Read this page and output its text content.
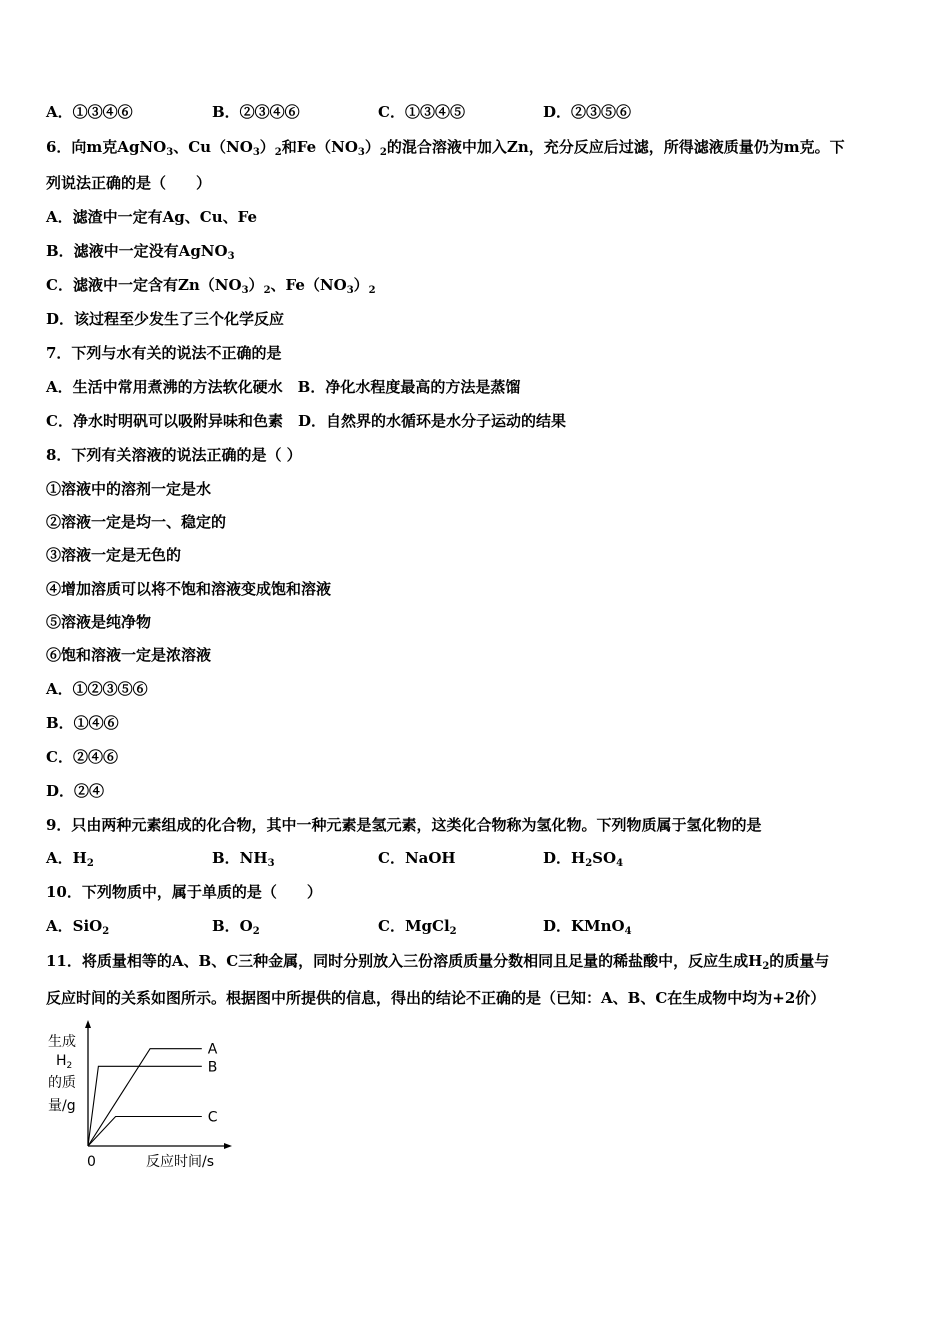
A．①③④⑥	B．②③④⑥	C．①③④⑤	D．②③⑤⑥
6．向m克AgNO$_3$、$Cu(NO_3)_2$和$Fe(NO_3)_2$的混合溶液中加入Zn，充分反应后过滤，所得滤液质量仍为m克。下
列说法正确的是（　　）
A．滤渣中一定有Ag、Cu、Fe
B．滤液中一定没有AgNO$_3$
C．滤液中一定含有$Zn(NO_3)_2$、$Fe(NO_3)_2$
D．该过程至少发生了三个化学反应
7．下列与水有关的说法不正确的是
A．生活中常用煮沸的方法软化硬水　B．净化水程度最高的方法是蒸馏
C．净水时明矾可以吸附异味和色素　D．自然界的水循环是水分子运动的结果
8．下列有关溶液的说法正确的是（ ）
①溶液中的溶剂一定是水
②溶液一定是均一、稳定的
③溶液一定是无色的
④增加溶质可以将不饱和溶液变成饱和溶液
⑤溶液是纯净物
⑥饱和溶液一定是浓溶液
A．①②③⑤⑥
B．①④⑥
C．②④⑥
D．②④
9．只由两种元素组成的化合物，其中一种元素是氢元素，这类化合物称为氢化物。下列物质属于氢化物的是
A．$H_2$	B．$NH_3$	C．NaOH	D．$H_2SO_4$
10．下列物质中，属于单质的是（　　）
A．SiO$_2$	B．$O_2$	C．MgCl$_2$	D．KMnO$_4$
11．将质量相等的A、B、C三种金属，同时分别放入三份溶质质量分数相同且足量的稀盐酸中，反应生成$H_2$的质量与
反应时间的关系如图所示。根据图中所提供的信息，得出的结论不正确的是（已知：A、B、C在生成物中均为+2价）
生成
$H_2$
的质
量/g
0	反应时间/s
A
B
C
